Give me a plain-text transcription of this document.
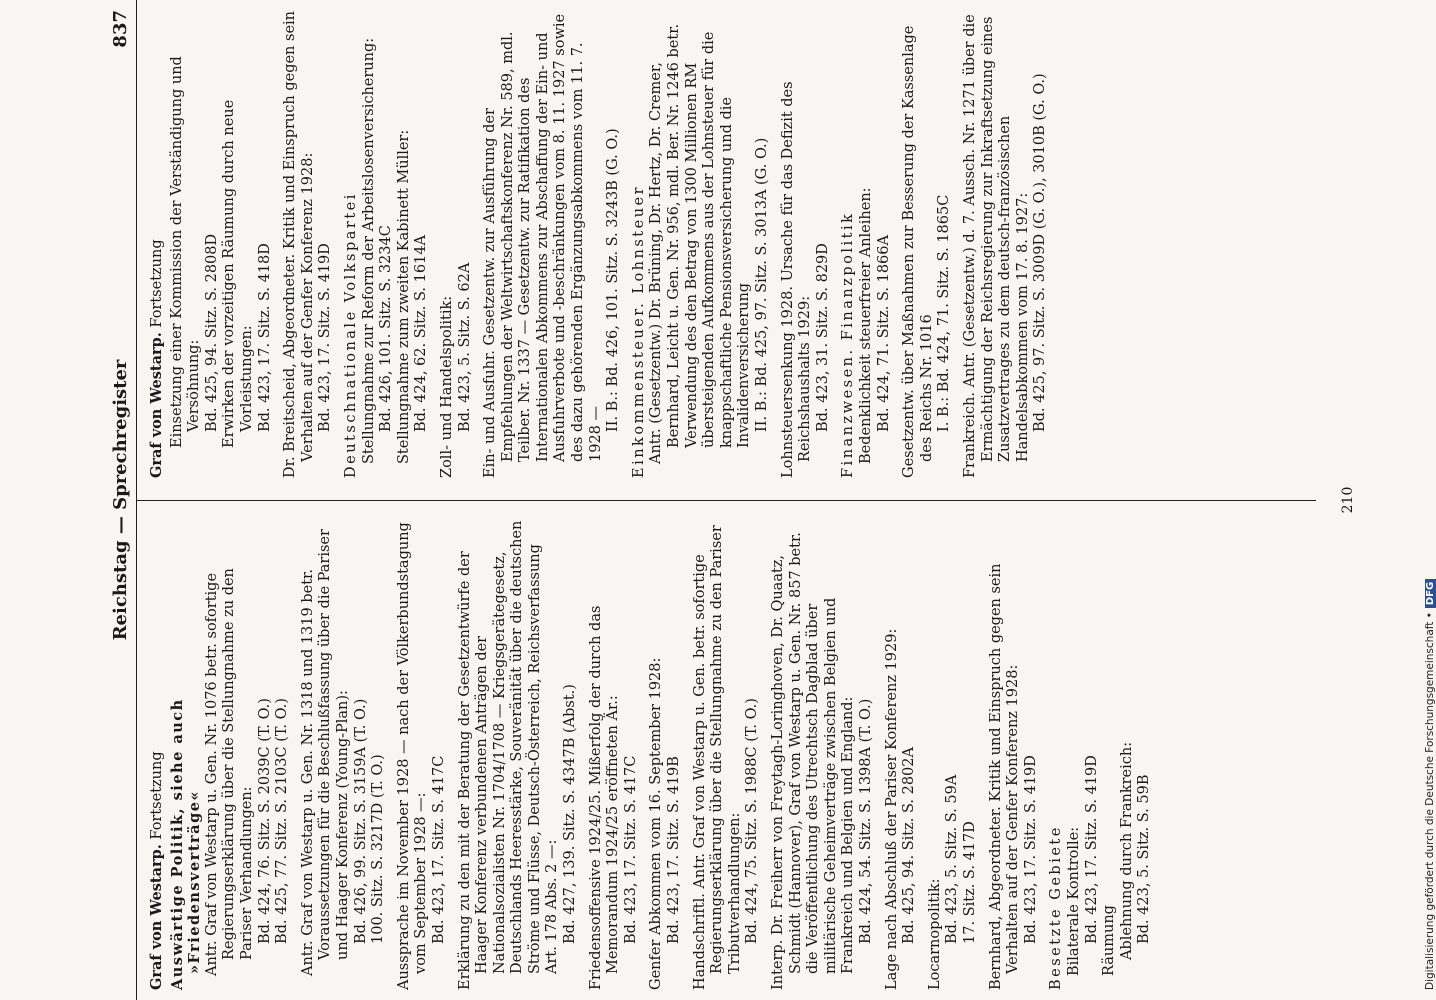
Reichstag — Sprechregister
837
Graf von Westarp. Fortsetzung Auswärtige Politik, siehe auch »Friedensverträge« Antr. Graf von Westarp u. Gen. Nr. 1076 betr. sofortige Regierungserklärung über die Stellungnahme zu den Pariser Verhandlungen: Bd. 424, 76. Sitz. S. 2039C (T. O.) Bd. 425, 77. Sitz. S. 2103C (T. O.) Antr. Graf von Westarp u. Gen. Nr. 1318 und 1319 betr. Voraussetzungen für die Beschlußfassung über die Pariser und Haager Konferenz (Young-Plan): Bd. 426, 99. Sitz. S. 3159A (T. O.) 100. Sitz. S. 3217D (T. O.) Aussprache im November 1928 — nach der Völkerbundstagung vom September 1928 —: Bd. 423, 17. Sitz. S. 417C Erklärung zu den mit der Beratung der Gesetzentwürfe der Haager Konferenz verbundenen Anträgen der Nationalsozialisten Nr. 1704/1708 — Kriegsgerätegesetz, Deutschlands Heeresstärke, Souveränität über die deutschen Ströme und Flüsse, Deutsch-Österreich, Reichsverfassung Art. 178 Abs. 2 —: Bd. 427, 139. Sitz. S. 4347B (Abst.) Friedensoffensive 1924/25. Mißerfolg der durch das Memorandum 1924/25 eröffneten Är.: Bd. 423, 17. Sitz. S. 417C Genfer Abkommen vom 16. September 1928: Bd. 423, 17. Sitz. S. 419B Handschriftl. Antr. Graf von Westarp u. Gen. betr. sofortige Regierungserklärung über die Stellungnahme zu den Pariser Tributverhandlungen: Bd. 424, 75. Sitz. S. 1988C (T. O.) Interp. Dr. Freiherr von Freytagh-Loringhoven, Dr. Quaatz, Schmidt (Hannover), Graf von Westarp u. Gen. Nr. 857 betr. die Veröffentlichung des Utrechtsch Dagblad über militärische Geheimverträge zwischen Belgien und Frankreich und Belgien und England: Bd. 424, 54. Sitz. S. 1398A (T. O.) Lage nach Abschluß der Pariser Konferenz 1929: Bd. 425, 94. Sitz. S. 2802A Locarnopolitik: Bd. 423, 5. Sitz. S. 59A 17. Sitz. S. 417D Bernhard, Abgeordneter. Kritik und Einspruch gegen sein Verhalten auf der Genfer Konferenz 1928: Bd. 423, 17. Sitz. S. 419D Besetzte Gebiete Bilaterale Kontrolle: Bd. 423, 17. Sitz. S. 419D Räumung Ablehnung durch Frankreich: Bd. 423, 5. Sitz. S. 59B
Graf von Westarp. Fortsetzung Einsetzung einer Kommission der Verständigung und Versöhnung: Bd. 425, 94. Sitz. S. 2808D Erwirken der vorzeitigen Räumung durch neue Vorleistungen: Bd. 423, 17. Sitz. S. 418D Dr. Breitscheid, Abgeordneter. Kritik und Einspruch gegen sein Verhalten auf der Genfer Konferenz 1928: Bd. 423, 17. Sitz. S. 419D Deutschnationale Volkspartei Stellungnahme zur Reform der Arbeitslosenversicherung: Bd. 426, 101. Sitz. S. 3234C Stellungnahme zum zweiten Kabinett Müller: Bd. 424, 62. Sitz. S. 1614A Zoll- und Handelspolitik: Bd. 423, 5. Sitz. S. 62A Ein- und Ausfuhr. Gesetzentw. zur Ausführung der Empfehlungen der Weltwirtschaftskonferenz Nr. 589, mdl. Teilber. Nr. 1337 — Gesetzentw. zur Ratifikation des Internationalen Abkommens zur Abschaffung der Ein- und Ausfuhrverbote und -beschränkungen vom 8. 11. 1927 sowie des dazu gehörenden Ergänzungsabkommens vom 11. 7. 1928 —
II. B.: Bd. 426, 101. Sitz. S. 3243B (G. O.) Einkommensteuer. Lohnsteuer Antr. (Gesetzentw.) Dr. Brüning, Dr. Hertz, Dr. Cremer, Bernhard, Leicht u. Gen. Nr. 956, mdl. Ber. Nr. 1246 betr. Verwendung des den Betrag von 1300 Millionen RM übersteigenden Aufkommens aus der Lohnsteuer für die knappschaftliche Pensionsversicherung und die Invalidenversicherung II. B.: Bd. 425, 97. Sitz. S. 3013A (G. O.) Lohnsteuersenkung 1928. Ursache für das Defizit des Reichshaushalts 1929: Bd. 423, 31. Sitz. S. 829D Finanzwesen. Finanzpolitik Bedenklichkeit steuerfreier Anleihen: Bd. 424, 71. Sitz. S. 1866A Gesetzentw. über Maßnahmen zur Besserung der Kassenlage des Reichs Nr. 1016 I. B.: Bd. 424, 71. Sitz. S. 1865C Frankreich. Antr. (Gesetzentw.) d. 7. Aussch. Nr. 1271 über die Ermächtigung der Reichsregierung zur Inkraftsetzung eines Zusatzvertrages zu dem deutsch-französischen Handelsabkommen vom 17. 8. 1927: Bd. 425, 97. Sitz. S. 3009D (G. O.), 3010B (G. O.)
210
Digitalisierung gefördert durch die Deutsche Forschungsgemeinschaft •DFG
